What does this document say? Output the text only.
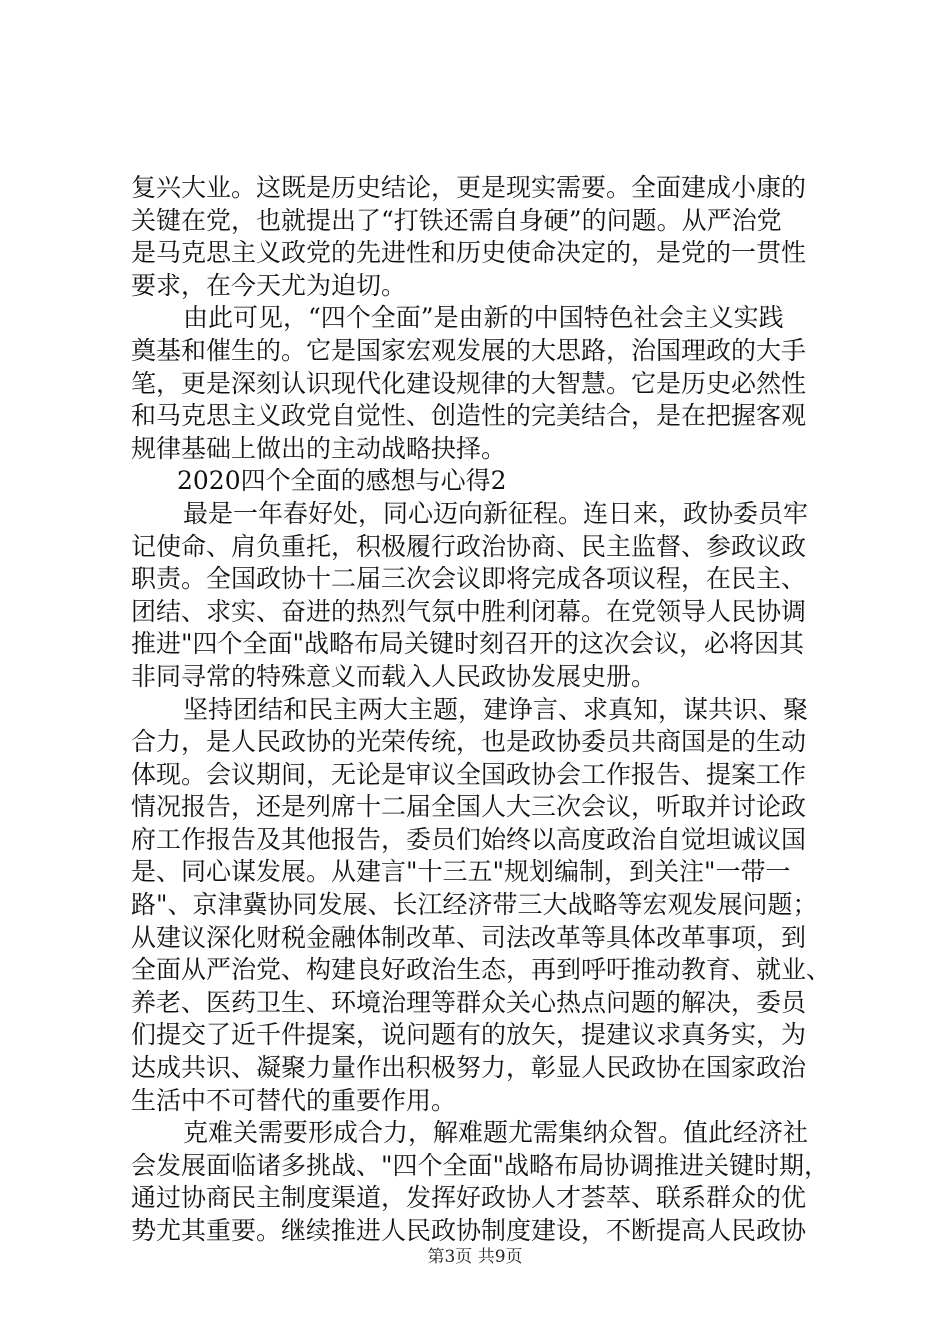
复兴大业。这既是历史结论，更是现实需要。全面建成小康的
关键在党，也就提出了“打铁还需自身硬”的问题。从严治党
是马克思主义政党的先进性和历史使命决定的，是党的一贯性
要求，在今天尤为迫切。
由此可见，“四个全面”是由新的中国特色社会主义实践
奠基和催生的。它是国家宏观发展的大思路，治国理政的大手
笔，更是深刻认识现代化建设规律的大智慧。它是历史必然性
和马克思主义政党自觉性、创造性的完美结合，是在把握客观
规律基础上做出的主动战略抉择。
2020四个全面的感想与心得2
最是一年春好处，同心迈向新征程。连日来，政协委员牢
记使命、肩负重托，积极履行政治协商、民主监督、参政议政
职责。全国政协十二届三次会议即将完成各项议程，在民主、
团结、求实、奋进的热烈气氛中胜利闭幕。在党领导人民协调
推进"四个全面"战略布局关键时刻召开的这次会议，必将因其
非同寻常的特殊意义而载入人民政协发展史册。
坚持团结和民主两大主题，建诤言、求真知，谋共识、聚
合力，是人民政协的光荣传统，也是政协委员共商国是的生动
体现。会议期间，无论是审议全国政协会工作报告、提案工作
情况报告，还是列席十二届全国人大三次会议，听取并讨论政
府工作报告及其他报告，委员们始终以高度政治自觉坦诚议国
是、同心谋发展。从建言"十三五"规划编制，到关注"一带一
路"、京津冀协同发展、长江经济带三大战略等宏观发展问题；
从建议深化财税金融体制改革、司法改革等具体改革事项，到
全面从严治党、构建良好政治生态，再到呼吁推动教育、就业、
养老、医药卫生、环境治理等群众关心热点问题的解决，委员
们提交了近千件提案，说问题有的放矢，提建议求真务实，为
达成共识、凝聚力量作出积极努力，彰显人民政协在国家政治
生活中不可替代的重要作用。
克难关需要形成合力，解难题尤需集纳众智。值此经济社
会发展面临诸多挑战、"四个全面"战略布局协调推进关键时期，
通过协商民主制度渠道，发挥好政协人才荟萃、联系群众的优
势尤其重要。继续推进人民政协制度建设，不断提高人民政协
第3页 共9页
